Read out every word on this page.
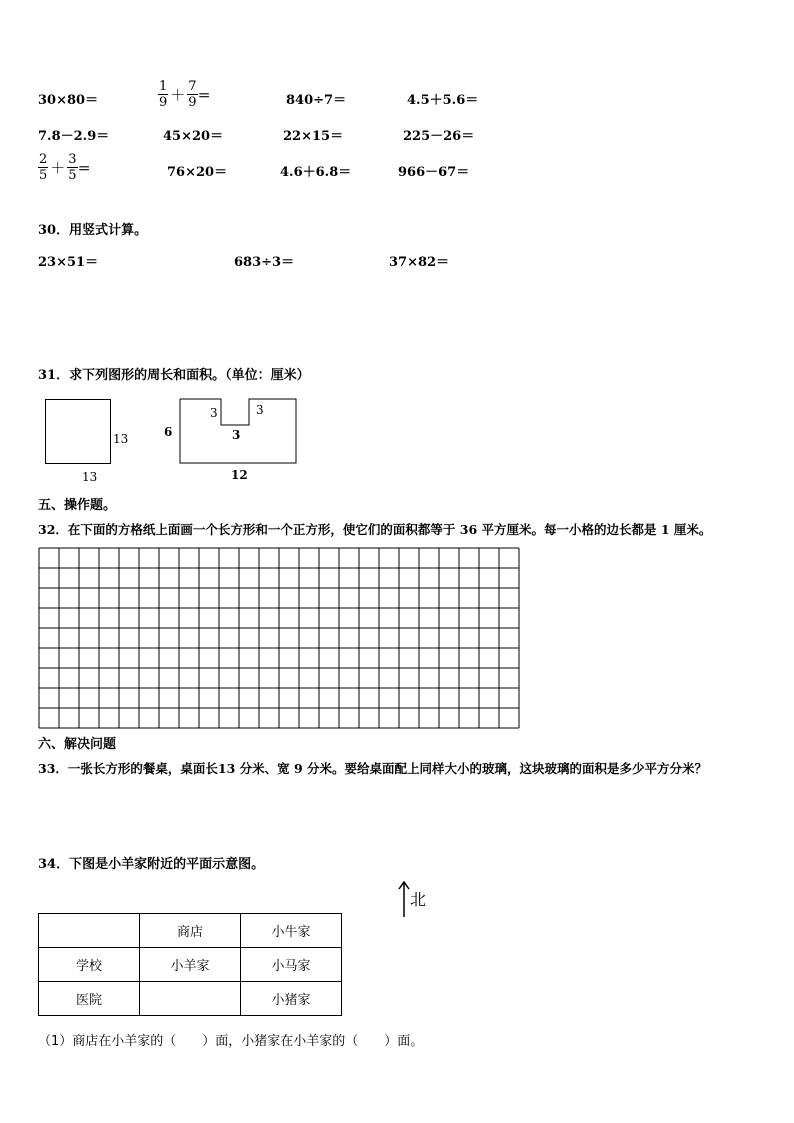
30×80＝	$\frac{1}{9} + \frac{7}{9}$ ＝	840÷7＝	4.5＋5.6＝
7.8－2.9＝	45×20＝	22×15＝	225－26＝
$\frac{2}{5} + \frac{3}{5}$ ＝	76×20＝	4.6＋6.8＝	966－67＝
30．用竖式计算。
23×51＝	683÷3＝	37×82＝
31．求下列图形的周长和面积。（单位：厘米）
13
13
6
3	3
3
12
五、操作题。
32．在下面的方格纸上面画一个长方形和一个正方形，使它们的面积都等于 36 平方厘米。每一小格的边长都是 1 厘米。
六、解决问题
33．一张长方形的餐桌，桌面长13 分米、宽 9 分米。要给桌面配上同样大小的玻璃，这块玻璃的面积是多少平方分米？
34．下图是小羊家附近的平面示意图。
北
	商店	小牛家
学校	小羊家	小马家
医院		小猪家
（1）商店在小羊家的（　　）面，小猪家在小羊家的（　　）面。
